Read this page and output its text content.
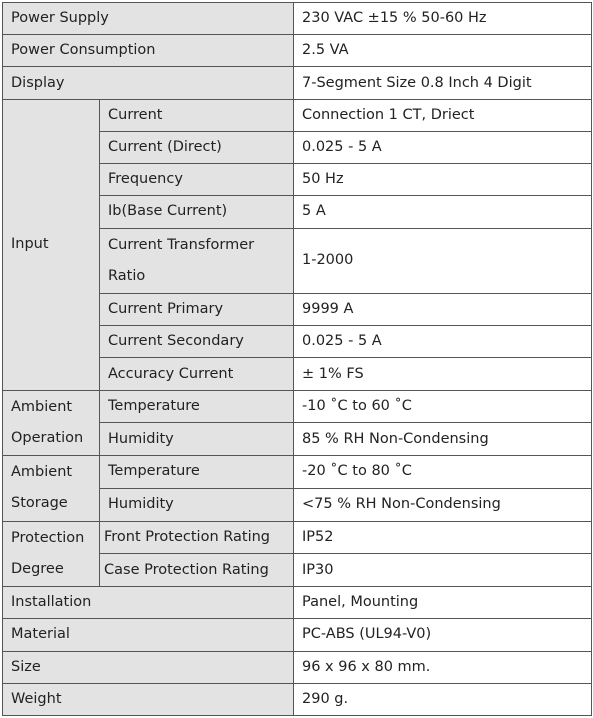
Power Supply		230 VAC ±15 % 50-60 Hz
Power Consumption		2.5 VA
Display		7-Segment Size 0.8 Inch 4 Digit
Input	Current	Connection 1 CT, Driect
	Current (Direct)	0.025 - 5 A
	Frequency	50 Hz
	Ib(Base Current)	5 A
	Current Transformer Ratio	1-2000
	Current Primary	9999 A
	Current Secondary	0.025 - 5 A
	Accuracy Current	± 1% FS
Ambient Operation	Temperature	-10 ˚C to 60 ˚C
	Humidity	85 % RH Non-Condensing
Ambient Storage	Temperature	-20 ˚C to 80 ˚C
	Humidity	<75 % RH Non-Condensing
Protection Degree	Front Protection Rating	IP52
	Case Protection Rating	IP30
Installation		Panel, Mounting
Material		PC-ABS (UL94-V0)
Size		96 x 96 x 80 mm.
Weight		290 g.
